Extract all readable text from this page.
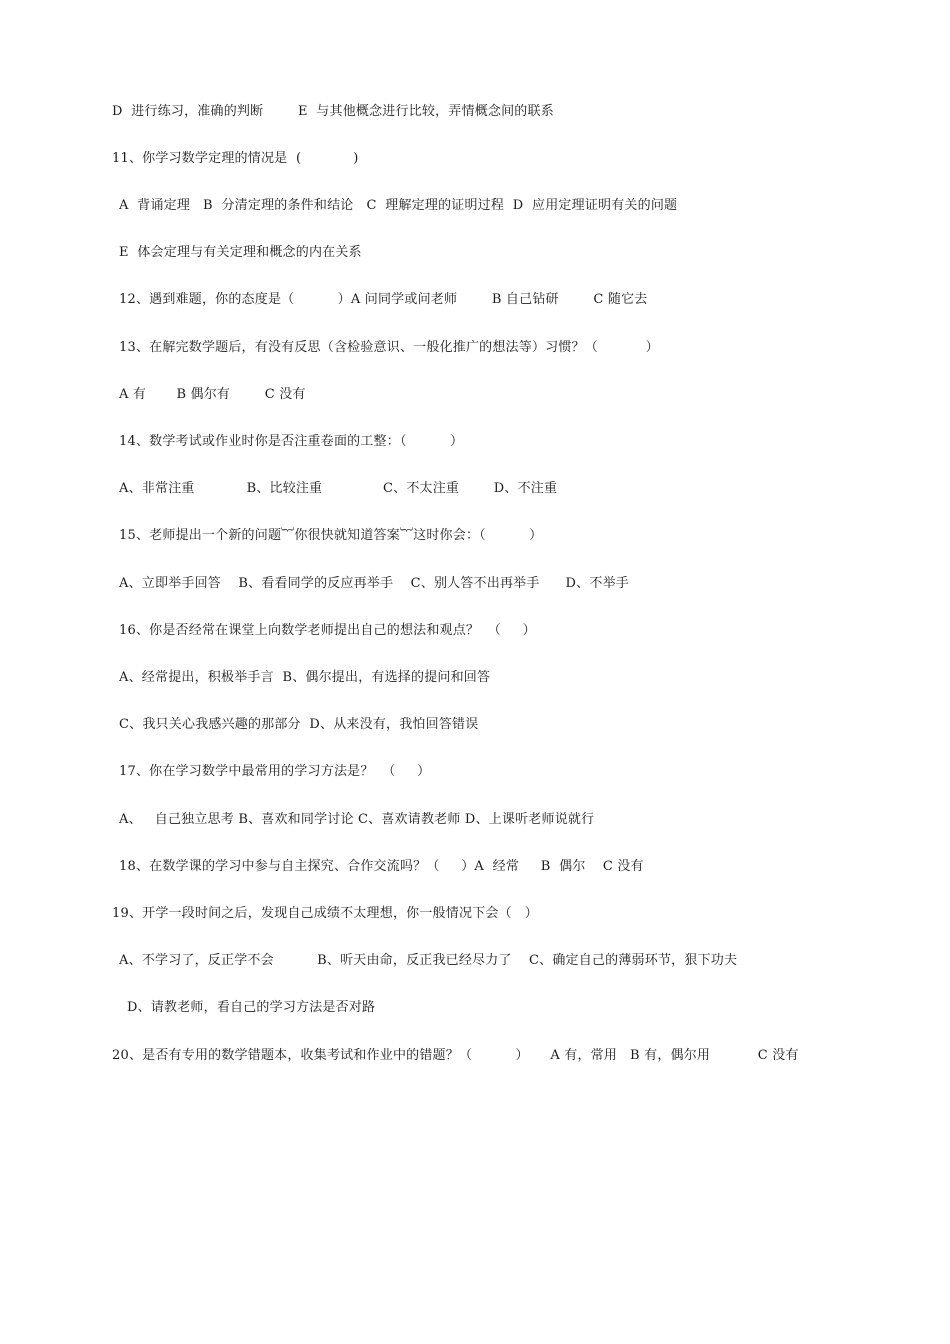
D  进行练习，准确的判断        E  与其他概念进行比较，弄情概念间的联系
11、你学习数学定理的情况是  (            )
A  背诵定理   B  分清定理的条件和结论   C  理解定理的证明过程  D  应用定理证明有关的问题
E  体会定理与有关定理和概念的内在关系
12、遇到难题，你的态度是（          ）A 问同学或问老师        B 自己钻研        C 随它去
13、在解完数学题后，有没有反思（含检验意识、一般化推广的想法等）习惯？（           ）
A 有       B 偶尔有        C 没有
14、数学考试或作业时你是否注重卷面的工整：（          ）
A、非常注重            B、比较注重              C、不太注重        D、不注重
15、老师提出一个新的问题︸你很快就知道答案︸这时你会：（          ）
A、立即举手回答    B、看看同学的反应再举手    C、别人答不出再举手      D、不举手
16、你是否经常在课堂上向数学老师提出自己的想法和观点？  （     ）
A、经常提出，积极举手言  B、偶尔提出，有选择的提问和回答
C、我只关心我感兴趣的那部分  D、从来没有，我怕回答错误
17、你在学习数学中最常用的学习方法是？  （     ）
A、   自己独立思考 B、喜欢和同学讨论 C、喜欢请教老师 D、上课听老师说就行
18、在数学课的学习中参与自主探究、合作交流吗？（     ）A  经常     B  偶尔    C 没有
19、开学一段时间之后，发现自己成绩不太理想，你一般情况下会（   ）
A、不学习了，反正学不会          B、听天由命，反正我已经尽力了    C、确定自己的薄弱环节，狠下功夫
D、请教老师，看自己的学习方法是否对路
20、是否有专用的数学错题本，收集考试和作业中的错题？（          ）     A 有，常用   B 有，偶尔用           C 没有
